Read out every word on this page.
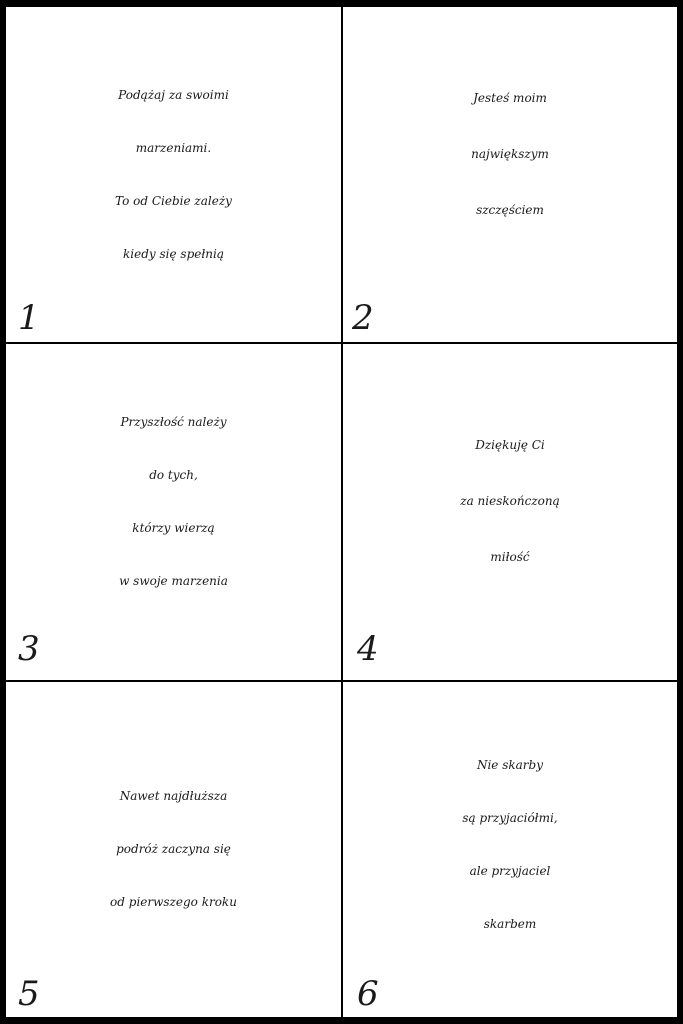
Podążaj za swoimi
marzeniami.
To od Ciebie zależy
kiedy się spełnią
1
Jesteś moim
największym
szczęściem
2
Przyszłość należy
do tych,
którzy wierzą
w swoje marzenia
3
Dziękuję Ci
za nieskończoną
miłość
4
Nawet najdłuższa
podróż zaczyna się
od pierwszego kroku
5
Nie skarby
są przyjaciółmi,
ale przyjaciel
skarbem
6
